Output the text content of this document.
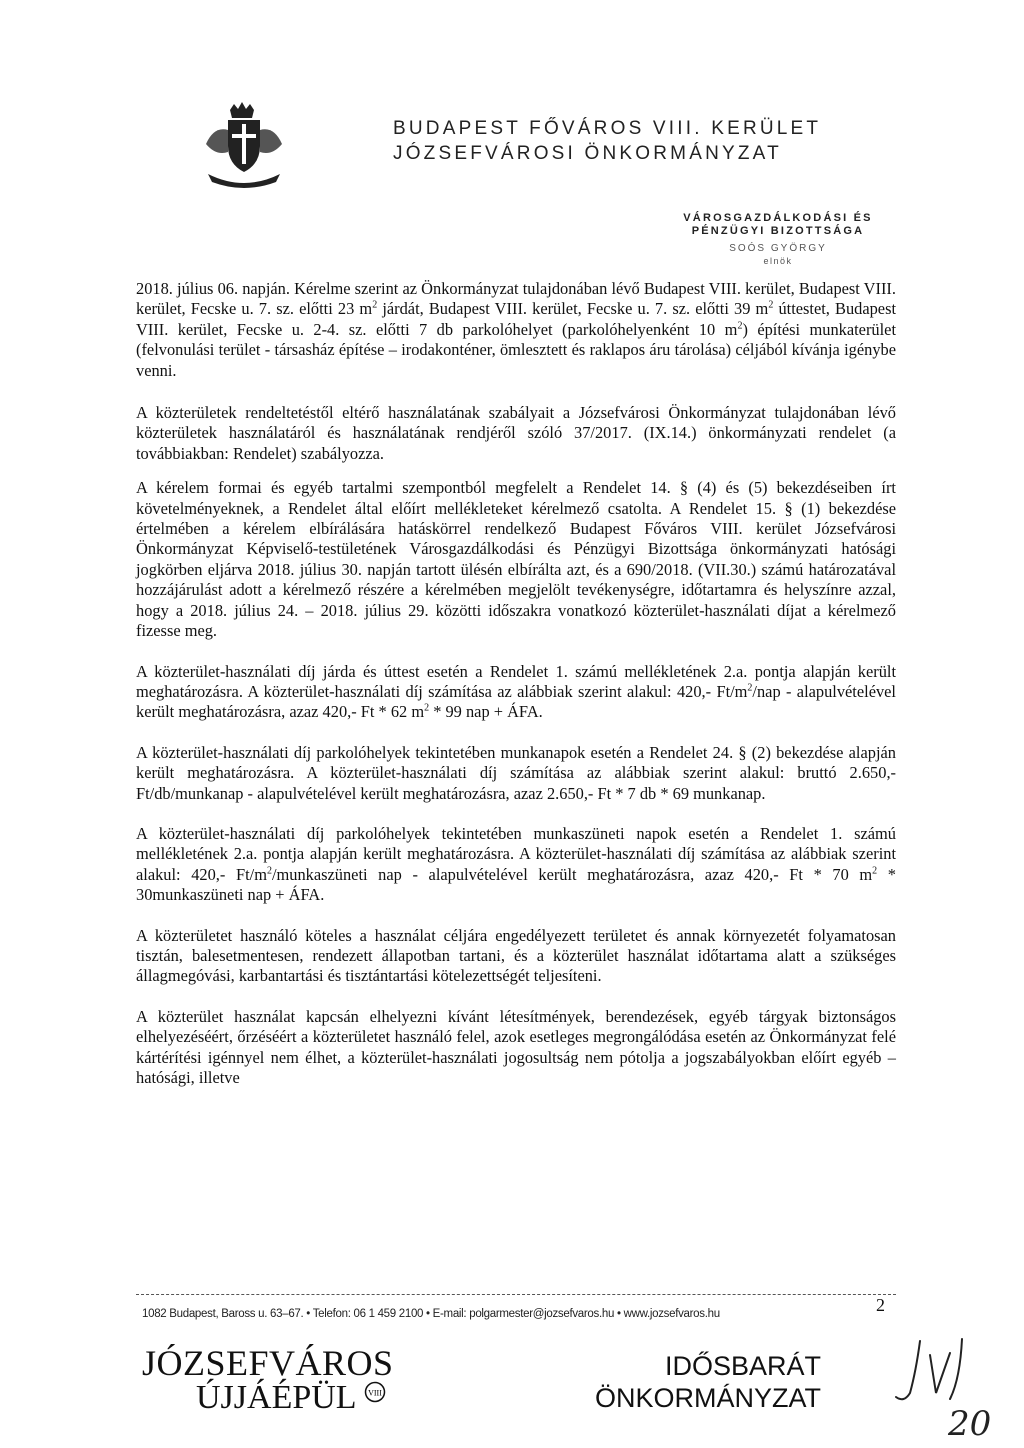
BUDAPEST FŐVÁROS VIII. KERÜLET
JÓZSEFVÁROSI ÖNKORMÁNYZAT
VÁROSGAZDÁLKODÁSI ÉS
PÉNZÜGYI BIZOTTSÁGA
SOÓS GYÖRGY
elnök

2018. július 06. napján. Kérelme szerint az Önkormányzat tulajdonában lévő Budapest VIII. kerület, Budapest VIII. kerület, Fecske u. 7. sz. előtti 23 $m^2$ járdát, Budapest VIII. kerület, Fecske u. 7. sz. előtti 39 $m^2$ úttestet, Budapest VIII. kerület, Fecske u. 2-4. sz. előtti 7 db parkolóhelyet (parkolóhelyenként 10 $m^2$) építési munkaterület (felvonulási terület - társasház építése – irodakonténer, ömlesztett és raklapos áru tárolása) céljából kívánja igénybe venni.

A közterületek rendeltetéstől eltérő használatának szabályait a Józsefvárosi Önkormányzat tulajdonában lévő közterületek használatáról és használatának rendjéről szóló 37/2017. (IX.14.) önkormányzati rendelet (a továbbiakban: Rendelet) szabályozza.

A kérelem formai és egyéb tartalmi szempontból megfelelt a Rendelet 14. § (4) és (5) bekezdéseiben írt követelményeknek, a Rendelet által előírt mellékleteket kérelmező csatolta. A Rendelet 15. § (1) bekezdése értelmében a kérelem elbírálására hatáskörrel rendelkező Budapest Főváros VIII. kerület Józsefvárosi Önkormányzat Képviselő-testületének Városgazdálkodási és Pénzügyi Bizottsága önkormányzati hatósági jogkörben eljárva 2018. július 30. napján tartott ülésén elbírálta azt, és a 690/2018. (VII.30.) számú határozatával hozzájárulást adott a kérelmező részére a kérelmében megjelölt tevékenységre, időtartamra és helyszínre azzal, hogy a 2018. július 24. – 2018. július 29. közötti időszakra vonatkozó közterület-használati díjat a kérelmező fizesse meg.

A közterület-használati díj járda és úttest esetén a Rendelet 1. számú mellékletének 2.a. pontja alapján került meghatározásra. A közterület-használati díj számítása az alábbiak szerint alakul: 420,- $Ft/m^2$/nap - alapulvételével került meghatározásra, azaz 420,- Ft * 62 $m^2 * 99$ nap + ÁFA.

A közterület-használati díj parkolóhelyek tekintetében munkanapok esetén a Rendelet 24. § (2) bekezdése alapján került meghatározásra. A közterület-használati díj számítása az alábbiak szerint alakul: bruttó 2.650,- Ft/db/munkanap - alapulvételével került meghatározásra, azaz 2.650,- Ft * 7 db * 69 munkanap.

A közterület-használati díj parkolóhelyek tekintetében munkaszüneti napok esetén a Rendelet 1. számú mellékletének 2.a. pontja alapján került meghatározásra. A közterület-használati díj számítása az alábbiak szerint alakul: 420,- $Ft/m^2$/munkaszüneti nap - alapulvételével került meghatározásra, azaz 420,- Ft * 70 $m^2$ * 30munkaszüneti nap + ÁFA.

A közterületet használó köteles a használat céljára engedélyezett területet és annak környezetét folyamatosan tisztán, balesetmentesen, rendezett állapotban tartani, és a közterület használat időtartama alatt a szükséges állagmegóvási, karbantartási és tisztántartási kötelezettségét teljesíteni.

A közterület használat kapcsán elhelyezni kívánt létesítmények, berendezések, egyéb tárgyak biztonságos elhelyezéséért, őrzéséért a közterületet használó felel, azok esetleges megrongálódása esetén az Önkormányzat felé kártérítési igénnyel nem élhet, a közterület-használati jogosultság nem pótolja a jogszabályokban előírt egyéb – hatósági, illetve

2
1082 Budapest, Baross u. 63–67. • Telefon: 06 1 459 2100 • E-mail: polgarmester@jozsefvaros.hu • www.jozsefvaros.hu
JÓZSEFVÁROS
ÚJJÁÉPÜL VIII
IDŐSBARÁT
ÖNKORMÁNYZAT
20
